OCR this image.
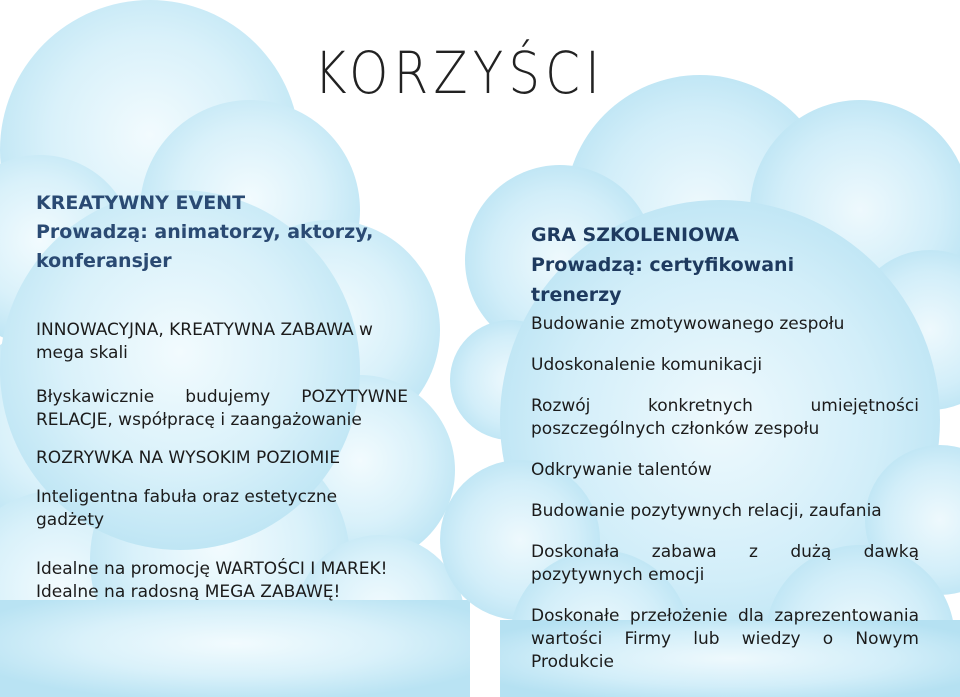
KORZYŚCI
KREATYWNY EVENT
Prowadzą: animatorzy, aktorzy, konferansjer
INNOWACYJNA, KREATYWNA ZABAWA w mega skali
Błyskawicznie budujemy POZYTYWNE RELACJE, współpracę i zaangażowanie
ROZRYWKA NA WYSOKIM POZIOMIE
Inteligentna fabuła oraz estetyczne gadżety
Idealne na promocję WARTOŚCI I MAREK!
Idealne na radosną MEGA ZABAWĘ!
GRA SZKOLENIOWA
Prowadzą: certyfikowani trenerzy
Budowanie zmotywowanego zespołu
Udoskonalenie komunikacji
Rozwój konkretnych umiejętności poszczególnych członków zespołu
Odkrywanie talentów
Budowanie pozytywnych relacji, zaufania
Doskonała zabawa z dużą dawką pozytywnych emocji
Doskonałe przełożenie dla zaprezentowania wartości Firmy lub wiedzy o Nowym Produkcie
